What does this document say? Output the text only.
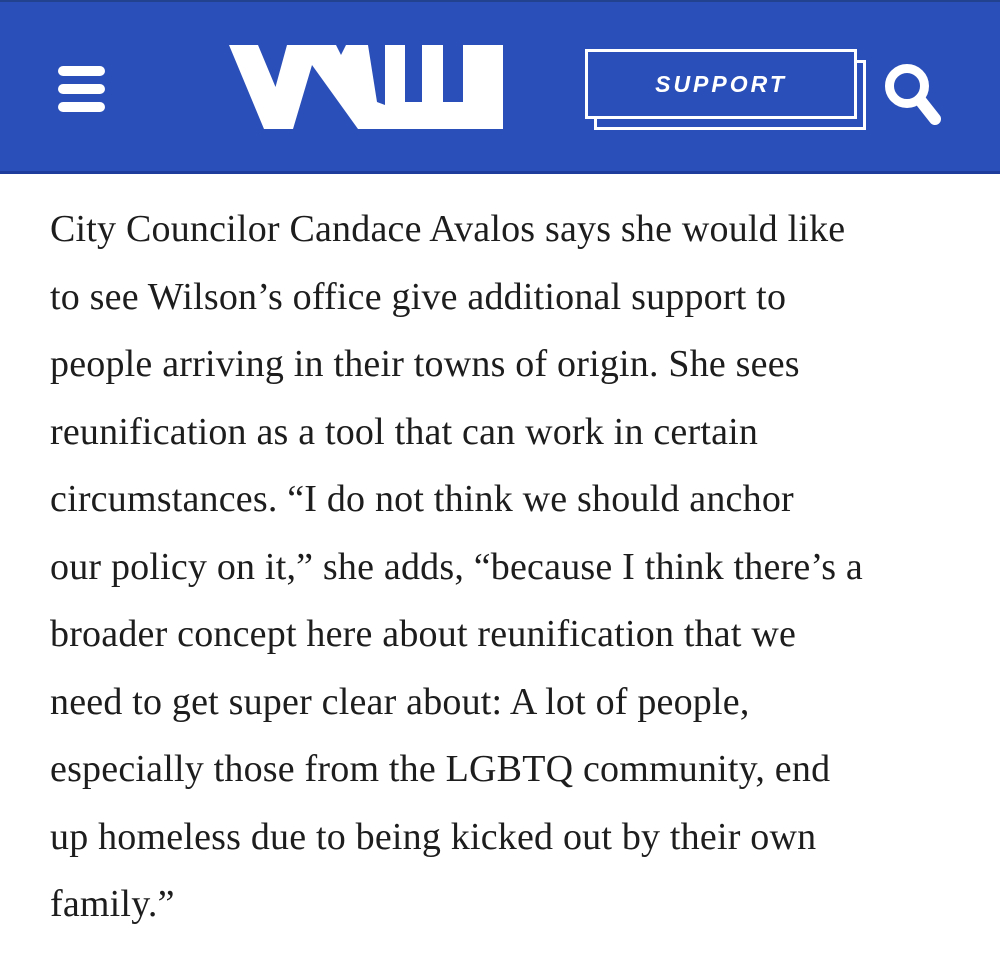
SUPPORT
City Councilor Candace Avalos says she would like
to see Wilson’s office give additional support to
people arriving in their towns of origin. She sees
reunification as a tool that can work in certain
circumstances. “I do not think we should anchor
our policy on it,” she adds, “because I think there’s a
broader concept here about reunification that we
need to get super clear about: A lot of people,
especially those from the LGBTQ community, end
up homeless due to being kicked out by their own
family.”
